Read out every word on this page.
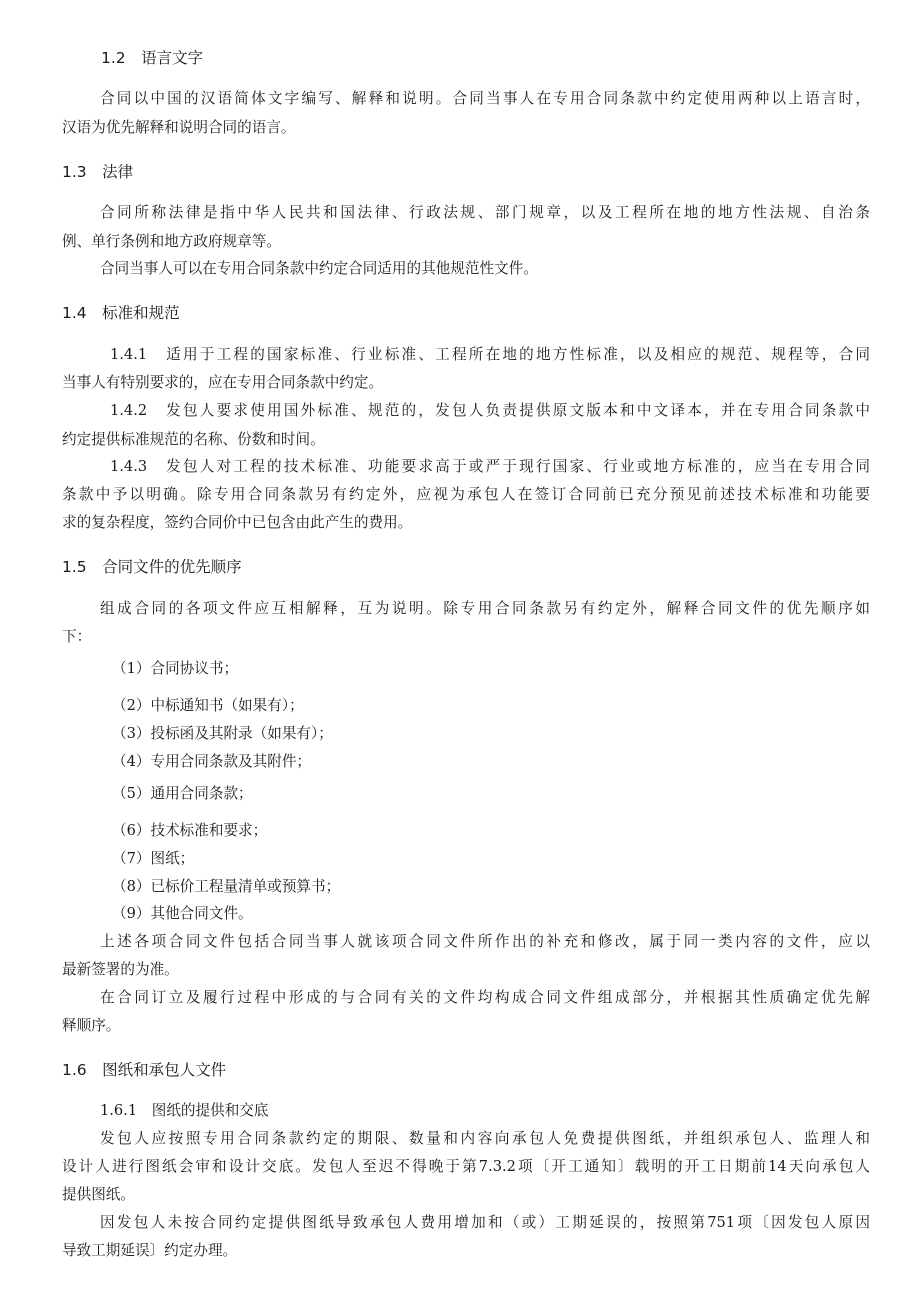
1.2　语言文字
合同以中国的汉语简体文字编写、解释和说明。合同当事人在专用合同条款中约定使用两种以上语言时，
汉语为优先解释和说明合同的语言。
1.3　法律
合同所称法律是指中华人民共和国法律、行政法规、部门规章，以及工程所在地的地方性法规、自治条
例、单行条例和地方政府规章等。
合同当事人可以在专用合同条款中约定合同适用的其他规范性文件。
1.4　标准和规范
1.4.1　适用于工程的国家标准、行业标准、工程所在地的地方性标准，以及相应的规范、规程等，合同
当事人有特别要求的，应在专用合同条款中约定。
1.4.2　发包人要求使用国外标准、规范的，发包人负责提供原文版本和中文译本，并在专用合同条款中
约定提供标准规范的名称、份数和时间。
1.4.3　发包人对工程的技术标准、功能要求高于或严于现行国家、行业或地方标准的，应当在专用合同
条款中予以明确。除专用合同条款另有约定外，应视为承包人在签订合同前已充分预见前述技术标准和功能要
求的复杂程度，签约合同价中已包含由此产生的费用。
1.5　合同文件的优先顺序
组成合同的各项文件应互相解释，互为说明。除专用合同条款另有约定外，解释合同文件的优先顺序如
下：
（1）合同协议书；
（2）中标通知书（如果有）；
（3）投标函及其附录（如果有）；
（4）专用合同条款及其附件；
（5）通用合同条款；
（6）技术标准和要求；
（7）图纸；
（8）已标价工程量清单或预算书；
（9）其他合同文件。
上述各项合同文件包括合同当事人就该项合同文件所作出的补充和修改，属于同一类内容的文件，应以
最新签署的为准。
在合同订立及履行过程中形成的与合同有关的文件均构成合同文件组成部分，并根据其性质确定优先解
释顺序。
1.6　图纸和承包人文件
1.6.1　图纸的提供和交底
发包人应按照专用合同条款约定的期限、数量和内容向承包人免费提供图纸，并组织承包人、监理人和
设计人进行图纸会审和设计交底。发包人至迟不得晚于第7.3.2项〔开工通知〕载明的开工日期前14天向承包人
提供图纸。
因发包人未按合同约定提供图纸导致承包人费用增加和（或）工期延误的，按照第751项〔因发包人原因
导致工期延误〕约定办理。
